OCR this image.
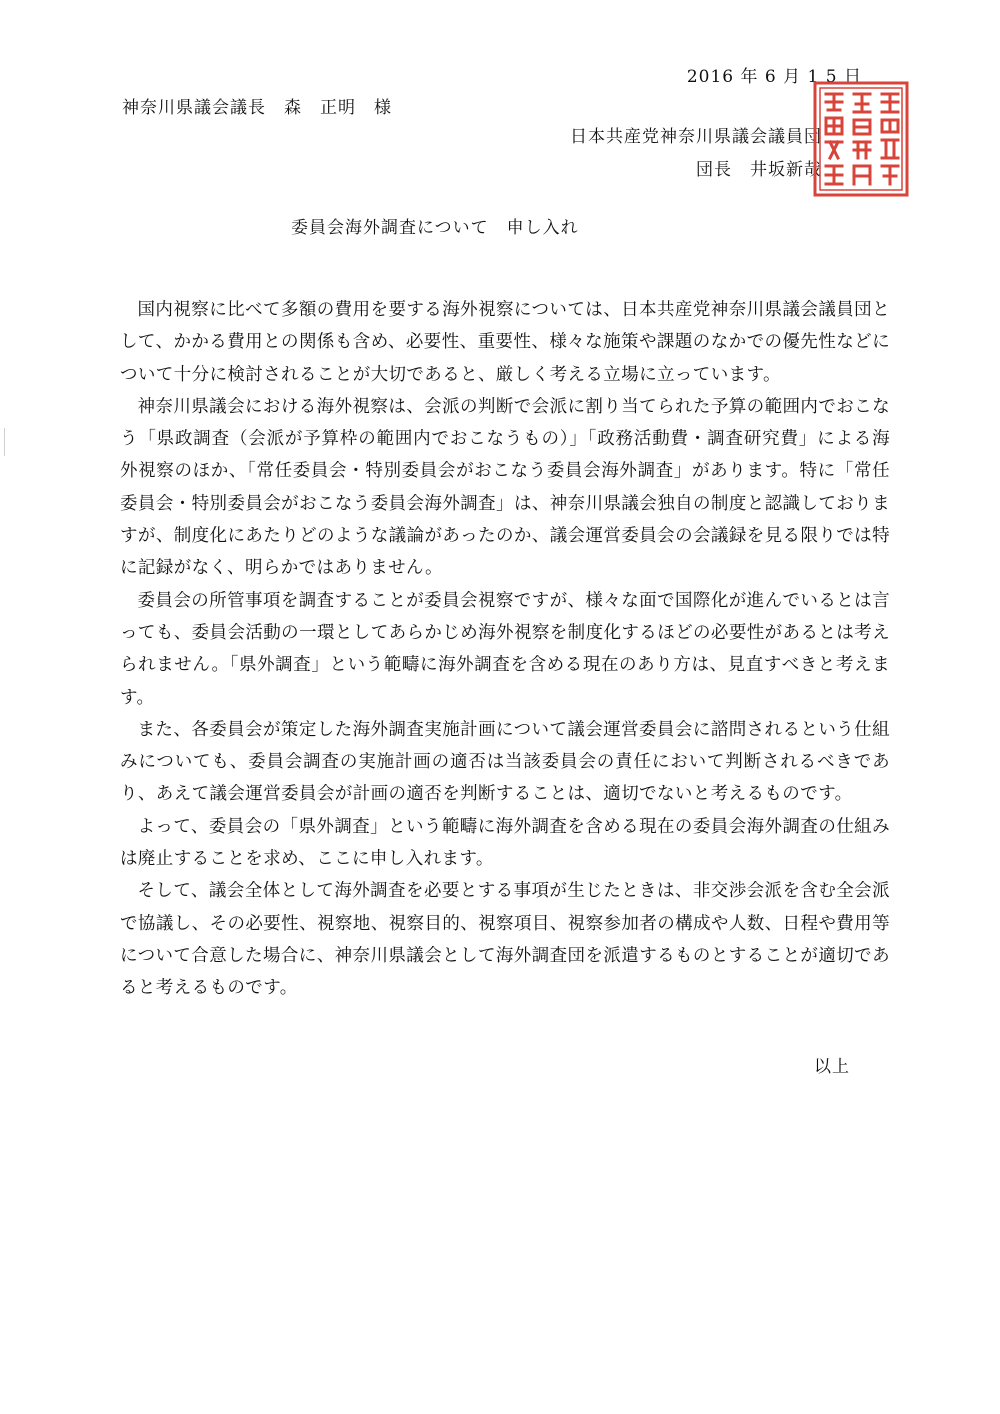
2016 年 6 月 1 5 日
神奈川県議会議長　森　正明　様
日本共産党神奈川県議会議員団
団長　井坂新哉
委員会海外調査について　申し入れ

国内視察に比べて多額の費用を要する海外視察については、日本共産党神奈川県議会議員団として、かかる費用との関係も含め、必要性、重要性、様々な施策や課題のなかでの優先性などについて十分に検討されることが大切であると、厳しく考える立場に立っています。

神奈川県議会における海外視察は、会派の判断で会派に割り当てられた予算の範囲内でおこなう「県政調査（会派が予算枠の範囲内でおこなうもの）」「政務活動費・調査研究費」による海外視察のほか、「常任委員会・特別委員会がおこなう委員会海外調査」があります。特に「常任委員会・特別委員会がおこなう委員会海外調査」は、神奈川県議会独自の制度と認識しておりますが、制度化にあたりどのような議論があったのか、議会運営委員会の会議録を見る限りでは特に記録がなく、明らかではありません。

委員会の所管事項を調査することが委員会視察ですが、様々な面で国際化が進んでいるとは言っても、委員会活動の一環としてあらかじめ海外視察を制度化するほどの必要性があるとは考えられません。「県外調査」という範疇に海外調査を含める現在のあり方は、見直すべきと考えます。

また、各委員会が策定した海外調査実施計画について議会運営委員会に諮問されるという仕組みについても、委員会調査の実施計画の適否は当該委員会の責任において判断されるべきであり、あえて議会運営委員会が計画の適否を判断することは、適切でないと考えるものです。

よって、委員会の「県外調査」という範疇に海外調査を含める現在の委員会海外調査の仕組みは廃止することを求め、ここに申し入れます。

そして、議会全体として海外調査を必要とする事項が生じたときは、非交渉会派を含む全会派で協議し、その必要性、視察地、視察目的、視察項目、視察参加者の構成や人数、日程や費用等について合意した場合に、神奈川県議会として海外調査団を派遣するものとすることが適切であると考えるものです。

以上
